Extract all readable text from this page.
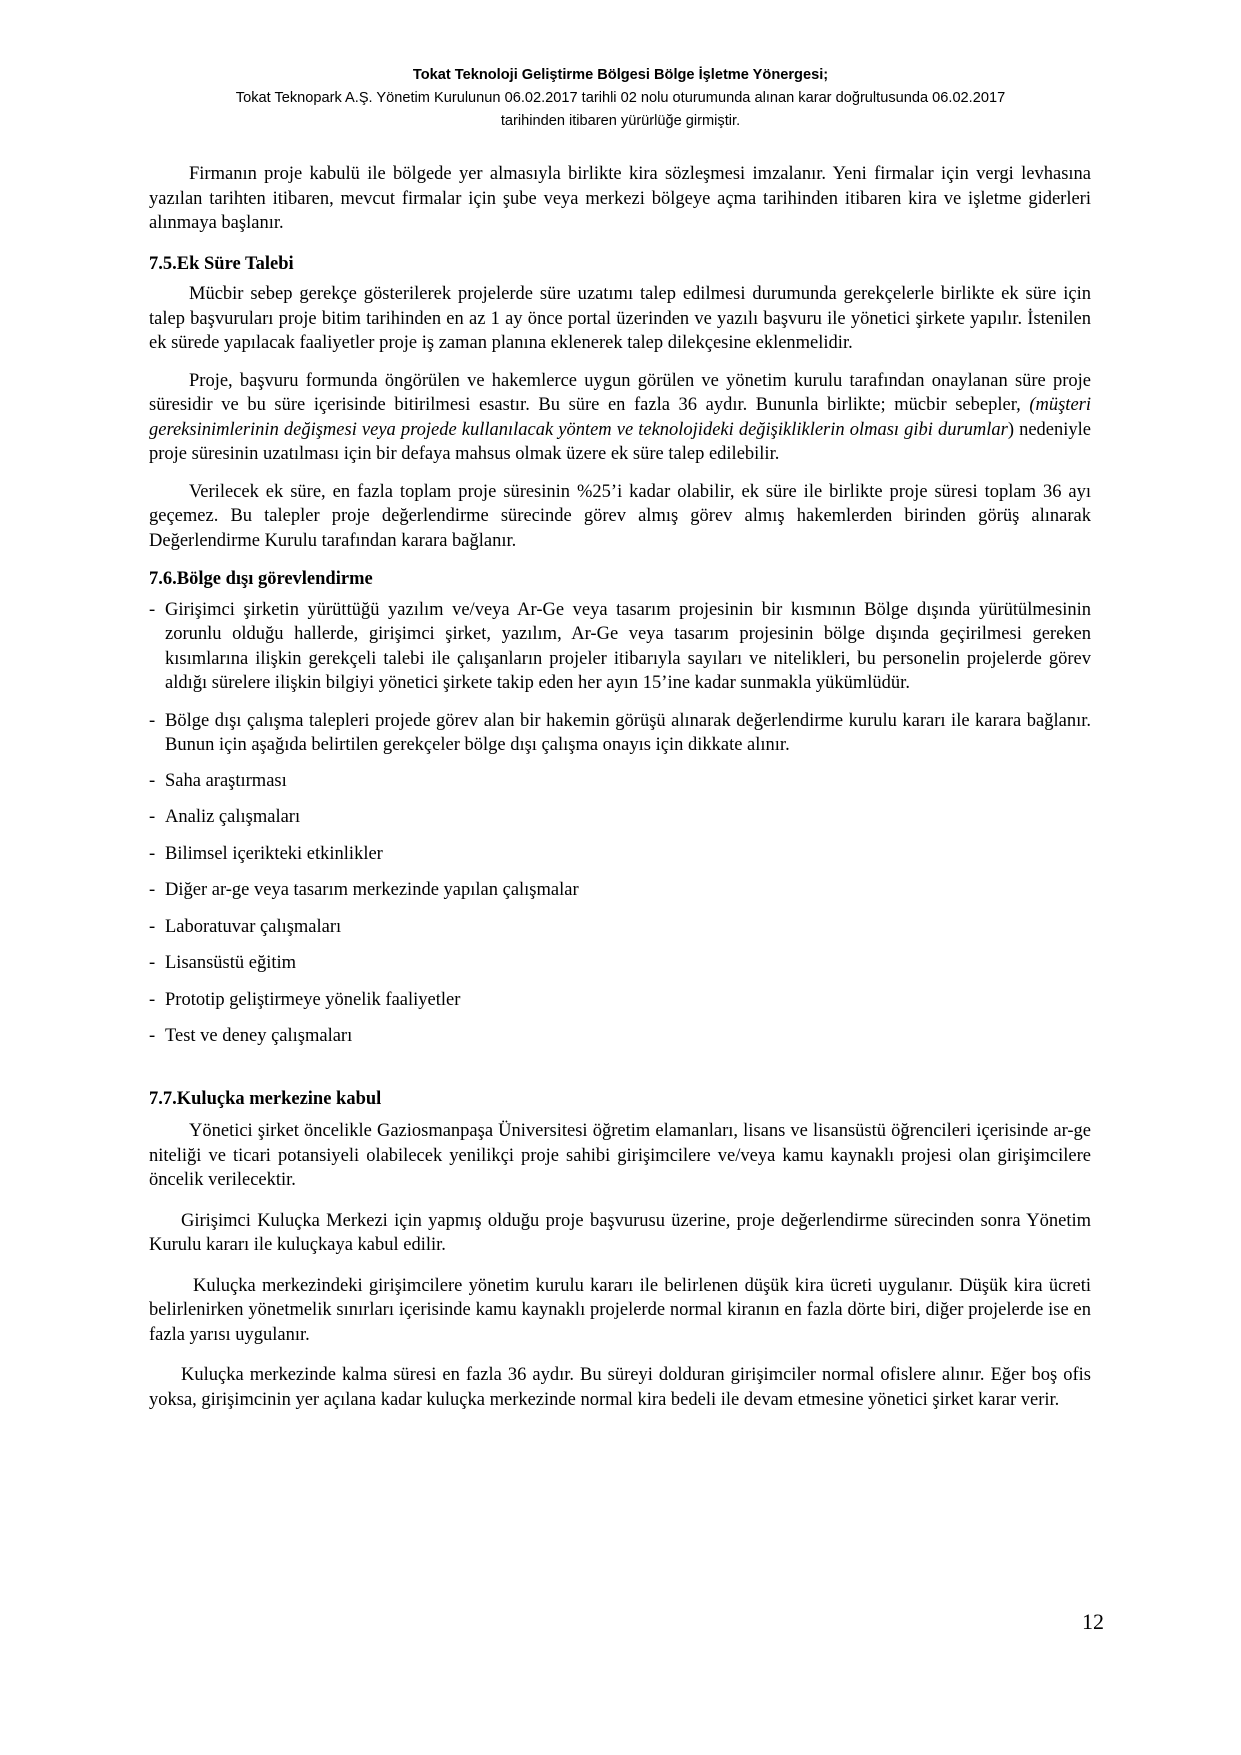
Tokat Teknoloji Geliştirme Bölgesi Bölge İşletme Yönergesi;
Tokat Teknopark A.Ş. Yönetim Kurulunun 06.02.2017 tarihli 02 nolu oturumunda alınan karar doğrultusunda 06.02.2017
tarihinden itibaren yürürlüğe girmiştir.

Firmanın proje kabulü ile bölgede yer almasıyla birlikte kira sözleşmesi imzalanır. Yeni firmalar için vergi levhasına yazılan tarihten itibaren, mevcut firmalar için şube veya merkezi bölgeye açma tarihinden itibaren kira ve işletme giderleri alınmaya başlanır.

7.5.Ek Süre Talebi

Mücbir sebep gerekçe gösterilerek projelerde süre uzatımı talep edilmesi durumunda gerekçelerle birlikte ek süre için talep başvuruları proje bitim tarihinden en az 1 ay önce portal üzerinden ve yazılı başvuru ile yönetici şirkete yapılır. İstenilen ek sürede yapılacak faaliyetler proje iş zaman planına eklenerek talep dilekçesine eklenmelidir.

Proje, başvuru formunda öngörülen ve hakemlerce uygun görülen ve yönetim kurulu tarafından onaylanan süre proje süresidir ve bu süre içerisinde bitirilmesi esastır. Bu süre en fazla 36 aydır. Bununla birlikte; mücbir sebepler, (müşteri gereksinimlerinin değişmesi veya projede kullanılacak yöntem ve teknolojideki değişikliklerin olması gibi durumlar) nedeniyle proje süresinin uzatılması için bir defaya mahsus olmak üzere ek süre talep edilebilir.

Verilecek ek süre, en fazla toplam proje süresinin %25’i kadar olabilir, ek süre ile birlikte proje süresi toplam 36 ayı geçemez. Bu talepler proje değerlendirme sürecinde görev almış görev almış hakemlerden birinden görüş alınarak Değerlendirme Kurulu tarafından karara bağlanır.

7.6.Bölge dışı görevlendirme
- Girişimci şirketin yürüttüğü yazılım ve/veya Ar-Ge veya tasarım projesinin bir kısmının Bölge dışında yürütülmesinin zorunlu olduğu hallerde, girişimci şirket, yazılım, Ar-Ge veya tasarım projesinin bölge dışında geçirilmesi gereken kısımlarına ilişkin gerekçeli talebi ile çalışanların projeler itibarıyla sayıları ve nitelikleri, bu personelin projelerde görev aldığı sürelere ilişkin bilgiyi yönetici şirkete takip eden her ayın 15’ine kadar sunmakla yükümlüdür.
- Bölge dışı çalışma talepleri projede görev alan bir hakemin görüşü alınarak değerlendirme kurulu kararı ile karara bağlanır. Bunun için aşağıda belirtilen gerekçeler bölge dışı çalışma onayıs için dikkate alınır.
- Saha araştırması
- Analiz çalışmaları
- Bilimsel içerikteki etkinlikler
- Diğer ar-ge veya tasarım merkezinde yapılan çalışmalar
- Laboratuvar çalışmaları
- Lisansüstü eğitim
- Prototip geliştirmeye yönelik faaliyetler
- Test ve deney çalışmaları
7.7.Kuluçka merkezine kabul

Yönetici şirket öncelikle Gaziosmanpaşa Üniversitesi öğretim elamanları, lisans ve lisansüstü öğrencileri içerisinde ar-ge niteliği ve ticari potansiyeli olabilecek yenilikçi proje sahibi girişimcilere ve/veya kamu kaynaklı projesi olan girişimcilere öncelik verilecektir.

Girişimci Kuluçka Merkezi için yapmış olduğu proje başvurusu üzerine, proje değerlendirme sürecinden sonra Yönetim Kurulu kararı ile kuluçkaya kabul edilir.

Kuluçka merkezindeki girişimcilere yönetim kurulu kararı ile belirlenen düşük kira ücreti uygulanır. Düşük kira ücreti belirlenirken yönetmelik sınırları içerisinde kamu kaynaklı projelerde normal kiranın en fazla dörte biri, diğer projelerde ise en fazla yarısı uygulanır.

Kuluçka merkezinde kalma süresi en fazla 36 aydır. Bu süreyi dolduran girişimciler normal ofislere alınır. Eğer boş ofis yoksa, girişimcinin yer açılana kadar kuluçka merkezinde normal kira bedeli ile devam etmesine yönetici şirket karar verir.

12
